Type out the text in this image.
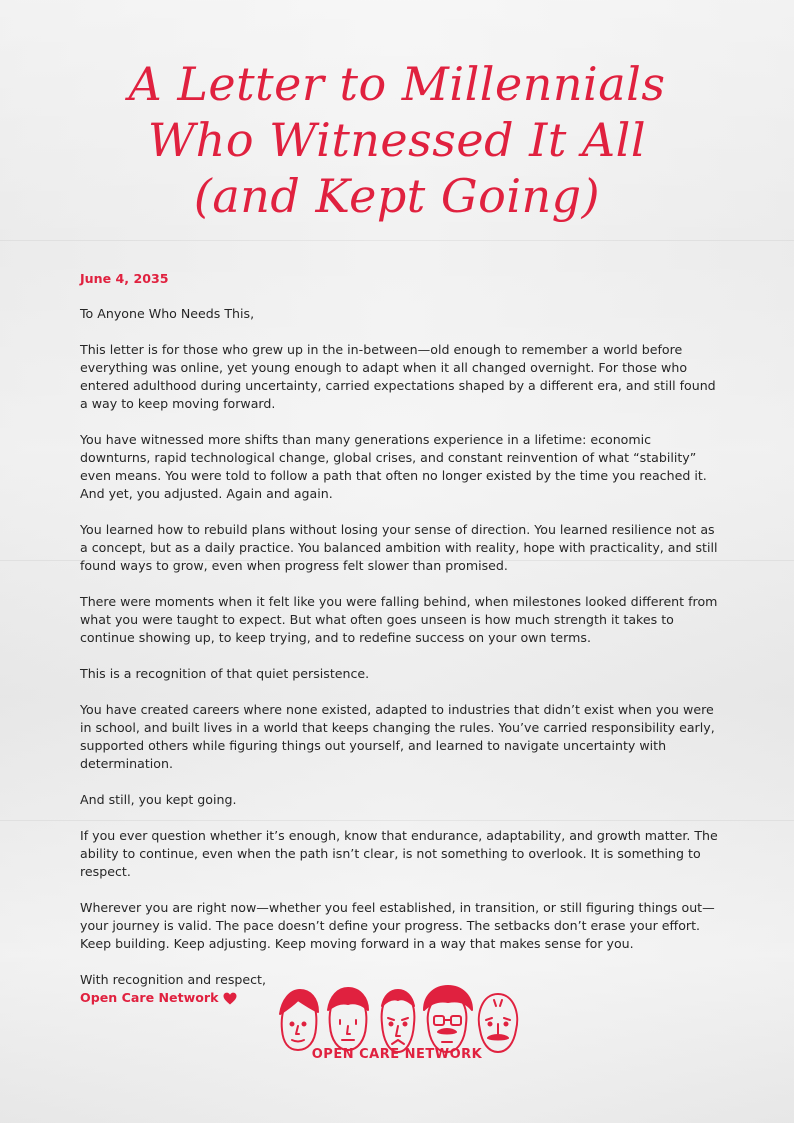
A Letter to Millennials
Who Witnessed It All
(and Kept Going)
June 4, 2035

To Anyone Who Needs This,

This letter is for those who grew up in the in-between—old enough to remember a world before everything was online, yet young enough to adapt when it all changed overnight. For those who entered adulthood during uncertainty, carried expectations shaped by a different era, and still found a way to keep moving forward.

You have witnessed more shifts than many generations experience in a lifetime: economic downturns, rapid technological change, global crises, and constant reinvention of what “stability” even means. You were told to follow a path that often no longer existed by the time you reached it. And yet, you adjusted. Again and again.

You learned how to rebuild plans without losing your sense of direction. You learned resilience not as a concept, but as a daily practice. You balanced ambition with reality, hope with practicality, and still found ways to grow, even when progress felt slower than promised.

There were moments when it felt like you were falling behind, when milestones looked different from what you were taught to expect. But what often goes unseen is how much strength it takes to continue showing up, to keep trying, and to redefine success on your own terms.

This is a recognition of that quiet persistence.

You have created careers where none existed, adapted to industries that didn’t exist when you were in school, and built lives in a world that keeps changing the rules. You’ve carried responsibility early, supported others while figuring things out yourself, and learned to navigate uncertainty with determination.

And still, you kept going.

If you ever question whether it’s enough, know that endurance, adaptability, and growth matter. The ability to continue, even when the path isn’t clear, is not something to overlook. It is something to respect.

Wherever you are right now—whether you feel established, in transition, or still figuring things out—your journey is valid. The pace doesn’t define your progress. The setbacks don’t erase your effort.
Keep building. Keep adjusting. Keep moving forward in a way that makes sense for you.

With recognition and respect,
Open Care Network
OPEN CARE NETWORK
